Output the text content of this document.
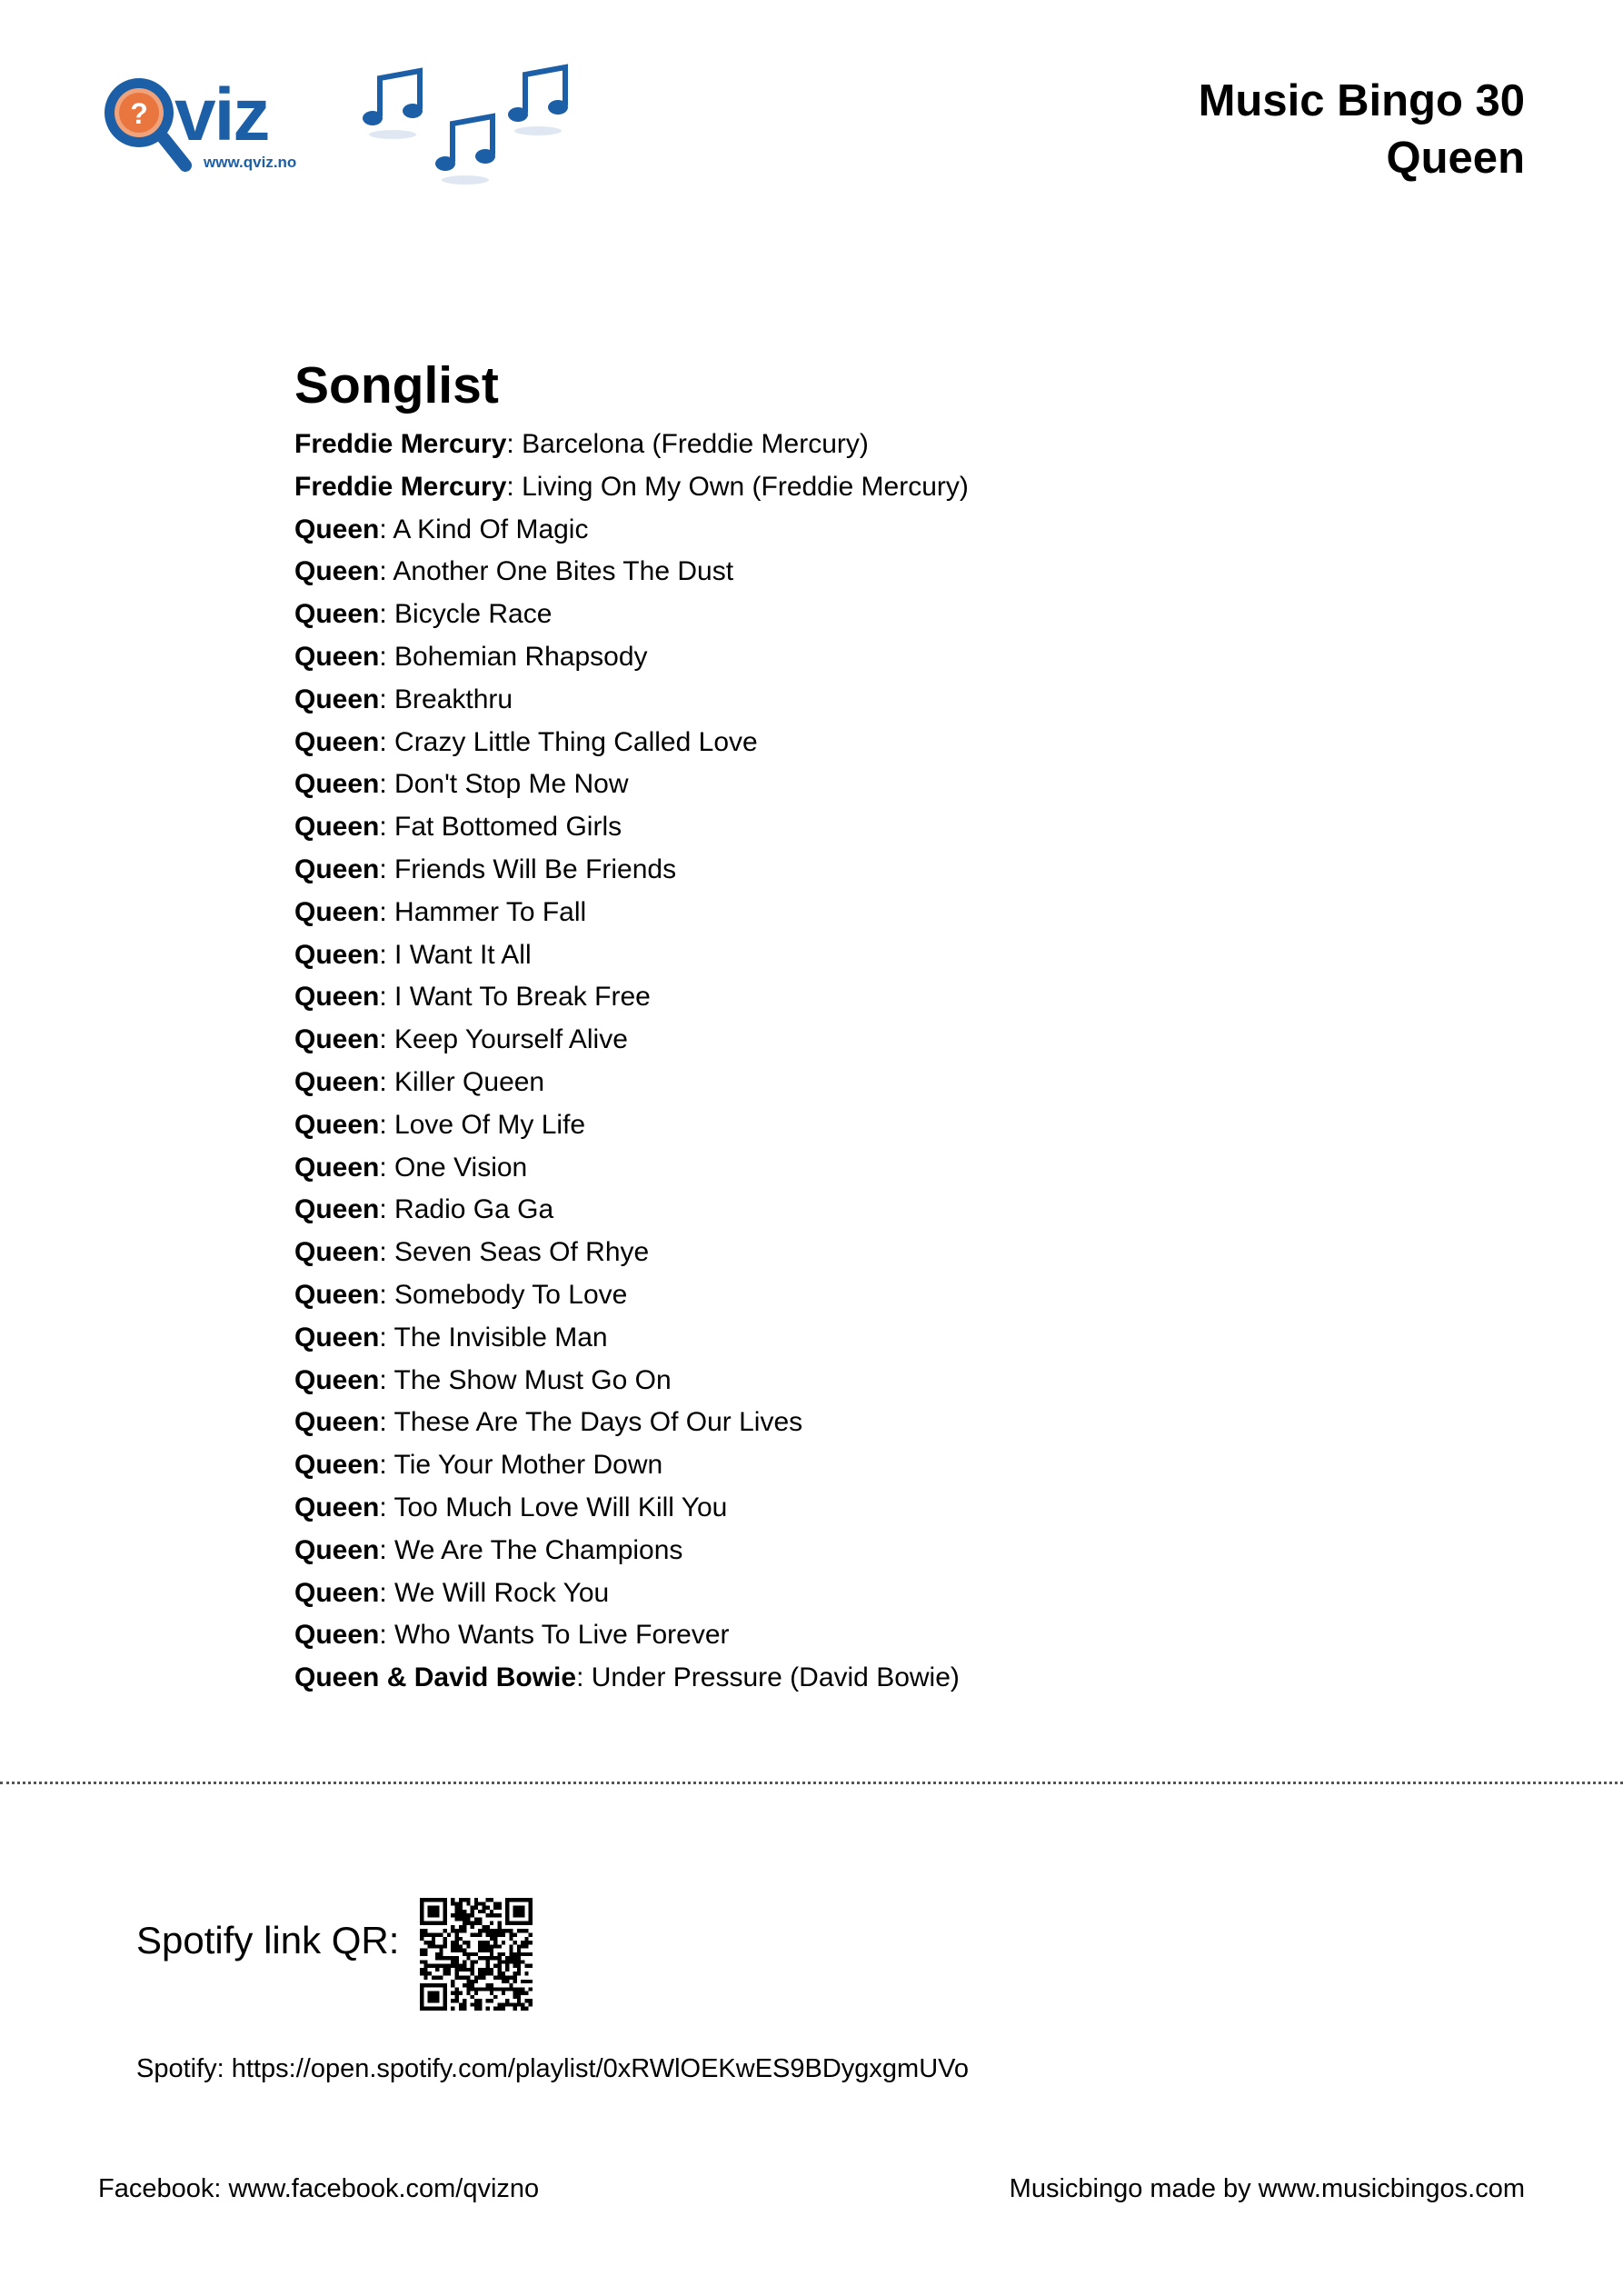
? viz
www.qviz.no
Music Bingo 30
Queen
Songlist
Freddie Mercury: Barcelona (Freddie Mercury)
Freddie Mercury: Living On My Own (Freddie Mercury)
Queen: A Kind Of Magic
Queen: Another One Bites The Dust
Queen: Bicycle Race
Queen: Bohemian Rhapsody
Queen: Breakthru
Queen: Crazy Little Thing Called Love
Queen: Don't Stop Me Now
Queen: Fat Bottomed Girls
Queen: Friends Will Be Friends
Queen: Hammer To Fall
Queen: I Want It All
Queen: I Want To Break Free
Queen: Keep Yourself Alive
Queen: Killer Queen
Queen: Love Of My Life
Queen: One Vision
Queen: Radio Ga Ga
Queen: Seven Seas Of Rhye
Queen: Somebody To Love
Queen: The Invisible Man
Queen: The Show Must Go On
Queen: These Are The Days Of Our Lives
Queen: Tie Your Mother Down
Queen: Too Much Love Will Kill You
Queen: We Are The Champions
Queen: We Will Rock You
Queen: Who Wants To Live Forever
Queen & David Bowie: Under Pressure (David Bowie)
Spotify link QR:
Spotify: https://open.spotify.com/playlist/0xRWlOEKwES9BDygxgmUVo
Facebook: www.facebook.com/qvizno	Musicbingo made by www.musicbingos.com
